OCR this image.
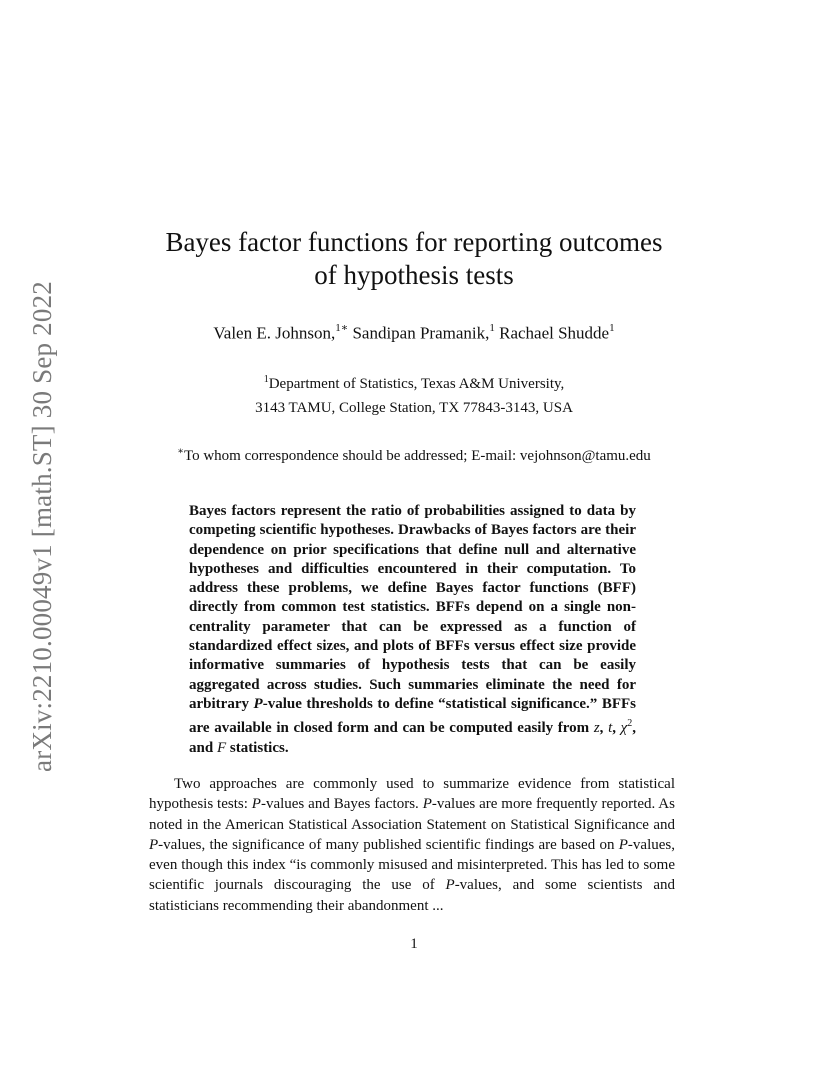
arXiv:2210.00049v1 [math.ST] 30 Sep 2022
Bayes factor functions for reporting outcomes
of hypothesis tests
Valen E. Johnson,$^{1∗}$ Sandipan Pramanik,$^1$ Rachael Shudde$^1$
$^1$Department of Statistics, Texas A&M University,
3143 TAMU, College Station, TX 77843-3143, USA
∗To whom correspondence should be addressed; E-mail: vejohnson@tamu.edu
Bayes factors represent the ratio of probabilities assigned to data by competing scientific hypotheses. Drawbacks of Bayes factors are their dependence on prior specifications that define null and alternative hypotheses and difficulties encountered in their computation. To address these problems, we define Bayes factor functions (BFF) directly from common test statistics. BFFs depend on a single non-centrality parameter that can be expressed as a function of standardized effect sizes, and plots of BFFs versus effect size provide informative summaries of hypothesis tests that can be easily aggregated across studies. Such summaries eliminate the need for arbitrary P-value thresholds to define “statistical significance.” BFFs are available in closed form and can be computed easily from z, t, $\chi^2$, and F statistics.
Two approaches are commonly used to summarize evidence from statistical hypothesis tests: P-values and Bayes factors. P-values are more frequently reported. As noted in the American Statistical Association Statement on Statistical Significance and P-values, the significance of many published scientific findings are based on P-values, even though this index “is commonly misused and misinterpreted. This has led to some scientific journals discouraging the use of P-values, and some scientists and statisticians recommending their abandonment ...
1
